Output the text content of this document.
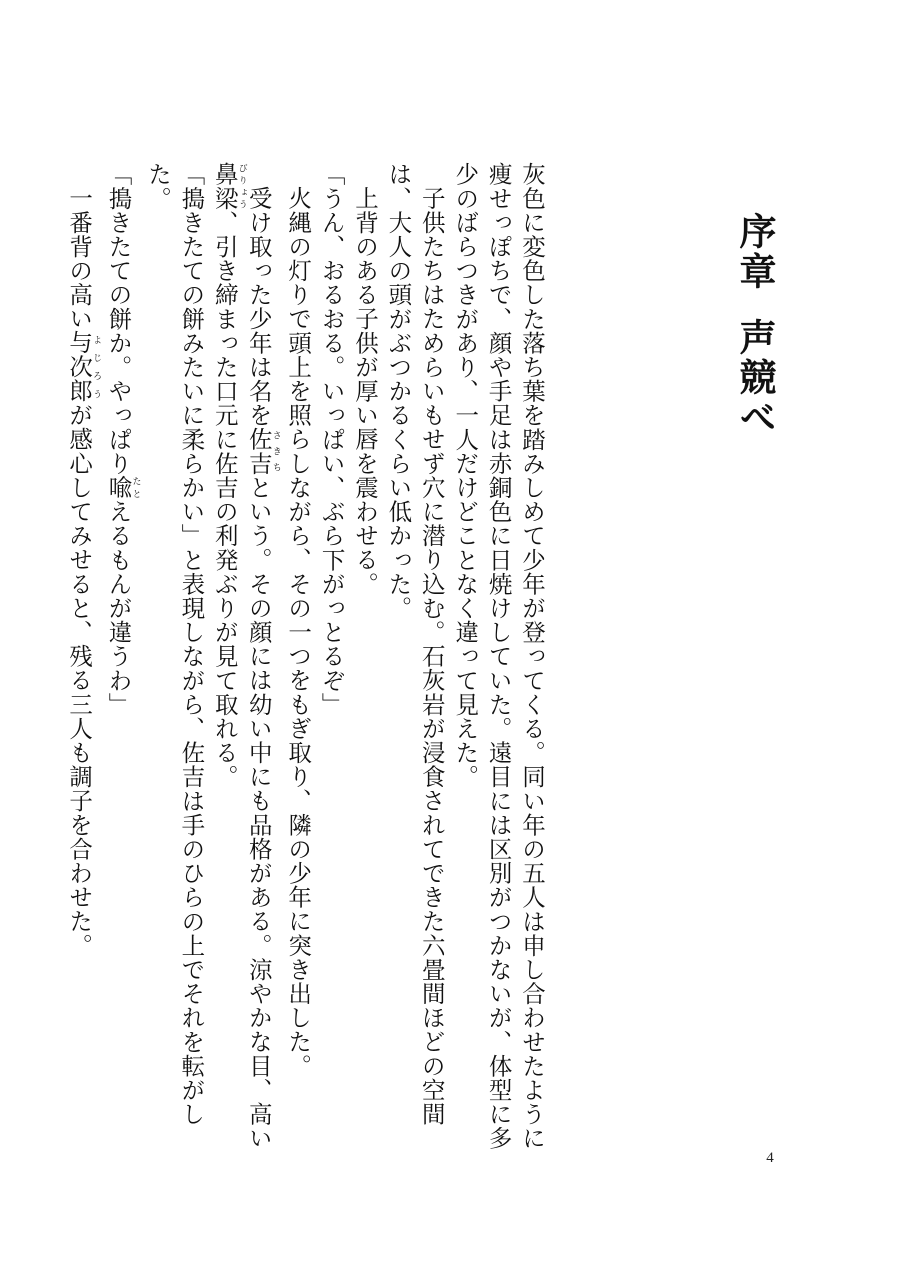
序章声競べ

灰色に変色した落ち葉を踏みしめて少年が登ってくる。同い年の五人は申し合わせたように痩せっぽちで、顔や手足は赤銅色に日焼けしていた。遠目には区別がつかないが、体型に多少のばらつきがあり、一人だけどことなく違って見えた。

子供たちはためらいもせず穴に潜り込む。石灰岩が浸食されてできた六畳間ほどの空間は、大人の頭がぶつかるくらい低かった。

上背のある子供が厚い唇を震わせる。

「うん、おるおる。いっぱい、ぶら下がっとるぞ」

火縄の灯りで頭上を照らしながら、その一つをもぎ取り、隣の少年に突き出した。

受け取った少年は名を佐吉さきちという。その顔には幼い中にも品格がある。涼やかな目、高い鼻梁びりょう、引き締まった口元に佐吉の利発ぶりが見て取れる。

「搗きたての餅みたいに柔らかい」と表現しながら、佐吉は手のひらの上でそれを転がした。

「搗きたての餅か。やっぱり喩たとえるもんが違うわ」

一番背の高い与次郎よじろうが感心してみせると、残る三人も調子を合わせた。

4
